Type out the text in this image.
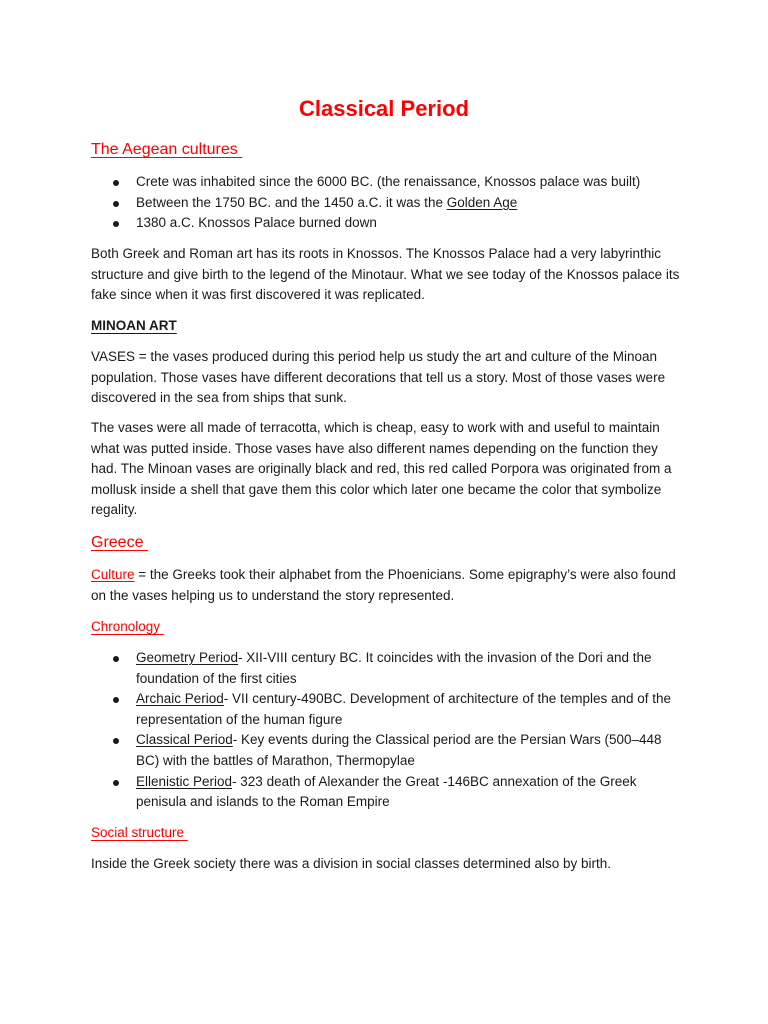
Classical Period
The Aegean cultures
Crete was inhabited since the 6000 BC. (the renaissance, Knossos palace was built)
Between the 1750 BC. and the 1450 a.C. it was the Golden Age
1380 a.C. Knossos Palace burned down

Both Greek and Roman art has its roots in Knossos. The Knossos Palace had a very labyrinthic structure and give birth to the legend of the Minotaur. What we see today of the Knossos palace its fake since when it was first discovered it was replicated.

MINOAN ART

VASES = the vases produced during this period help us study the art and culture of the Minoan population. Those vases have different decorations that tell us a story. Most of those vases were discovered in the sea from ships that sunk.

The vases were all made of terracotta, which is cheap, easy to work with and useful to maintain what was putted inside. Those vases have also different names depending on the function they had. The Minoan vases are originally black and red, this red called Porpora was originated from a mollusk inside a shell that gave them this color which later one became the color that symbolize regality.

Greece

Culture = the Greeks took their alphabet from the Phoenicians. Some epigraphy’s were also found on the vases helping us to understand the story represented.

Chronology
Geometry Period- XII-VIII century BC. It coincides with the invasion of the Dori and the foundation of the first cities
Archaic Period- VII century-490BC. Development of architecture of the temples and of the representation of the human figure
Classical Period- Key events during the Classical period are the Persian Wars (500–448 BC) with the battles of Marathon, Thermopylae
Ellenistic Period- 323 death of Alexander the Great -146BC annexation of the Greek penisula and islands to the Roman Empire
Social structure

Inside the Greek society there was a division in social classes determined also by birth.
